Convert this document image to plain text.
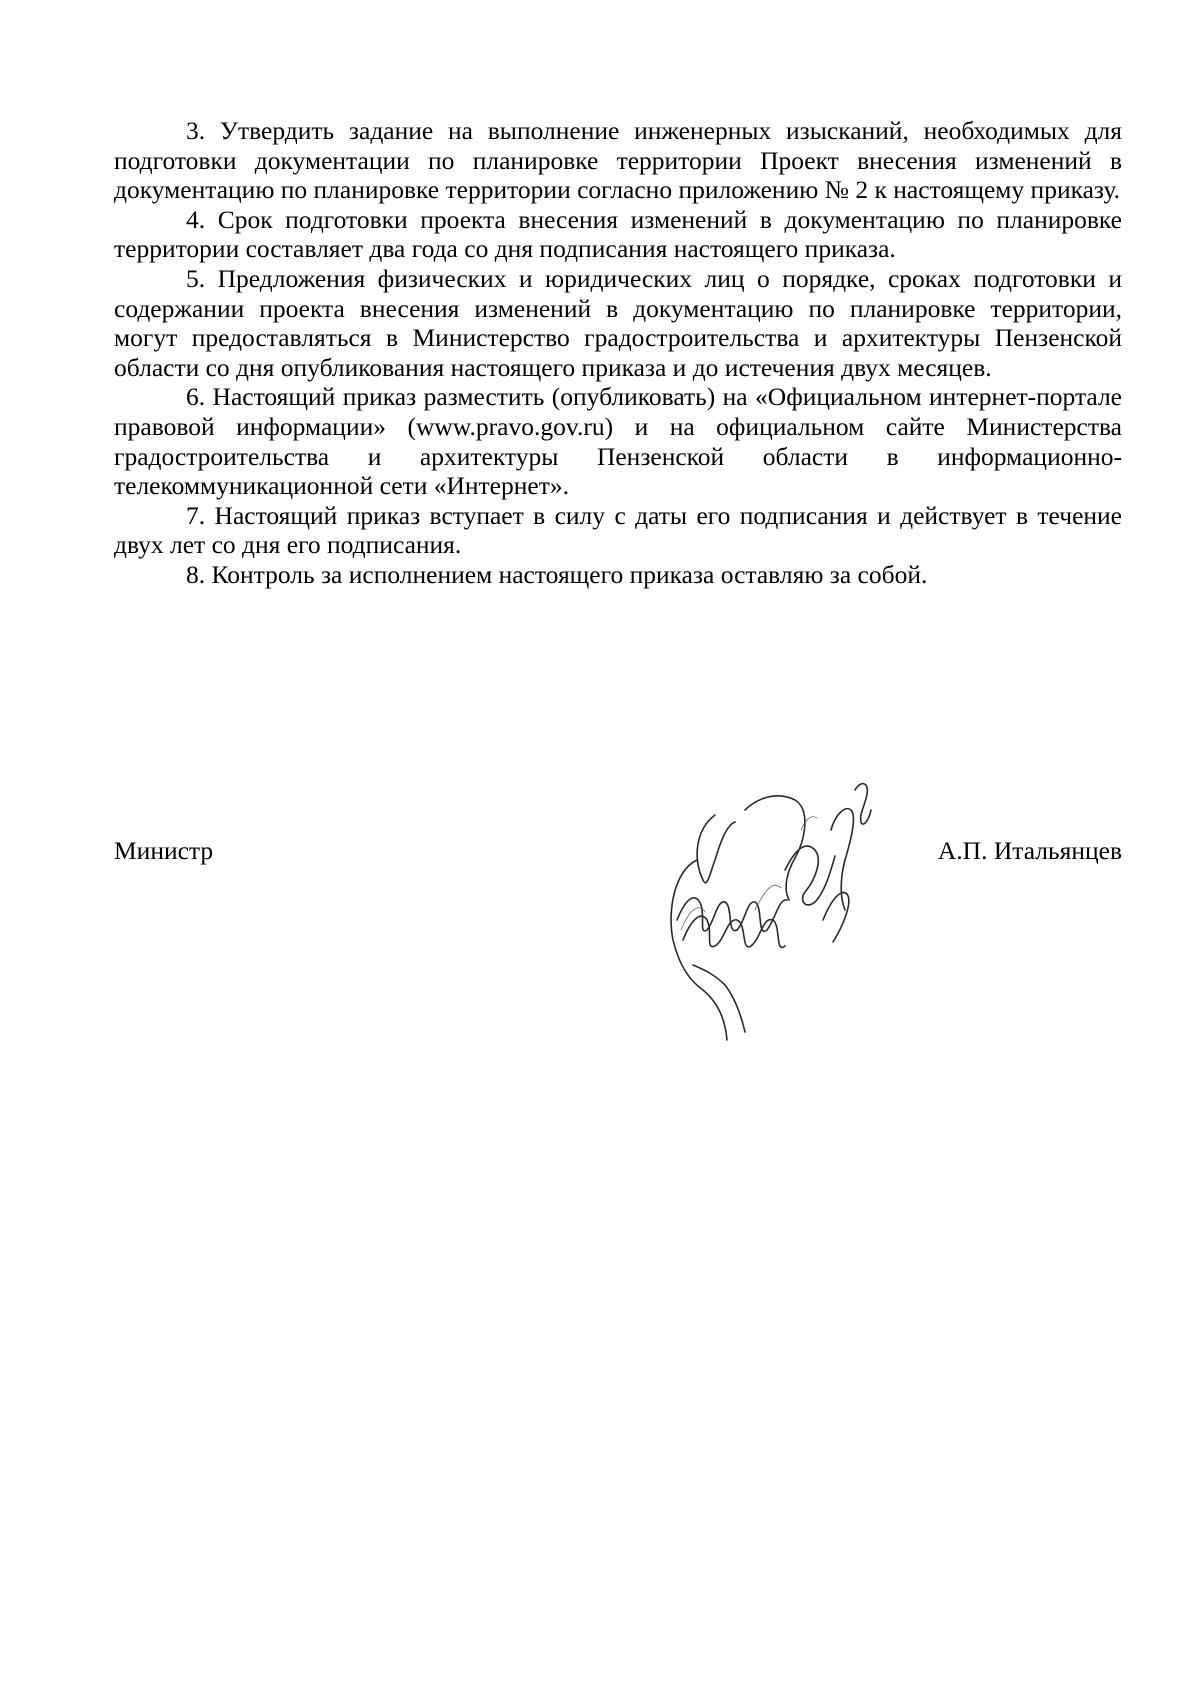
3. Утвердить задание на выполнение инженерных изысканий, необходимых для подготовки документации по планировке территории Проект внесения изменений в документацию по планировке территории согласно приложению № 2 к настоящему приказу.

4. Срок подготовки проекта внесения изменений в документацию по планировке территории составляет два года со дня подписания настоящего приказа.

5. Предложения физических и юридических лиц о порядке, сроках подготовки и содержании проекта внесения изменений в документацию по планировке территории, могут предоставляться в Министерство градостроительства и архитектуры Пензенской области со дня опубликования настоящего приказа и до истечения двух месяцев.

6. Настоящий приказ разместить (опубликовать) на «Официальном интернет-портале правовой информации» (www.pravo.gov.ru) и на официальном сайте Министерства градостроительства и архитектуры Пензенской области в информационно-телекоммуникационной сети «Интернет».

7. Настоящий приказ вступает в силу с даты его подписания и действует в течение двух лет со дня его подписания.

8. Контроль за исполнением настоящего приказа оставляю за собой.

Министр	А.П. Итальянцев
